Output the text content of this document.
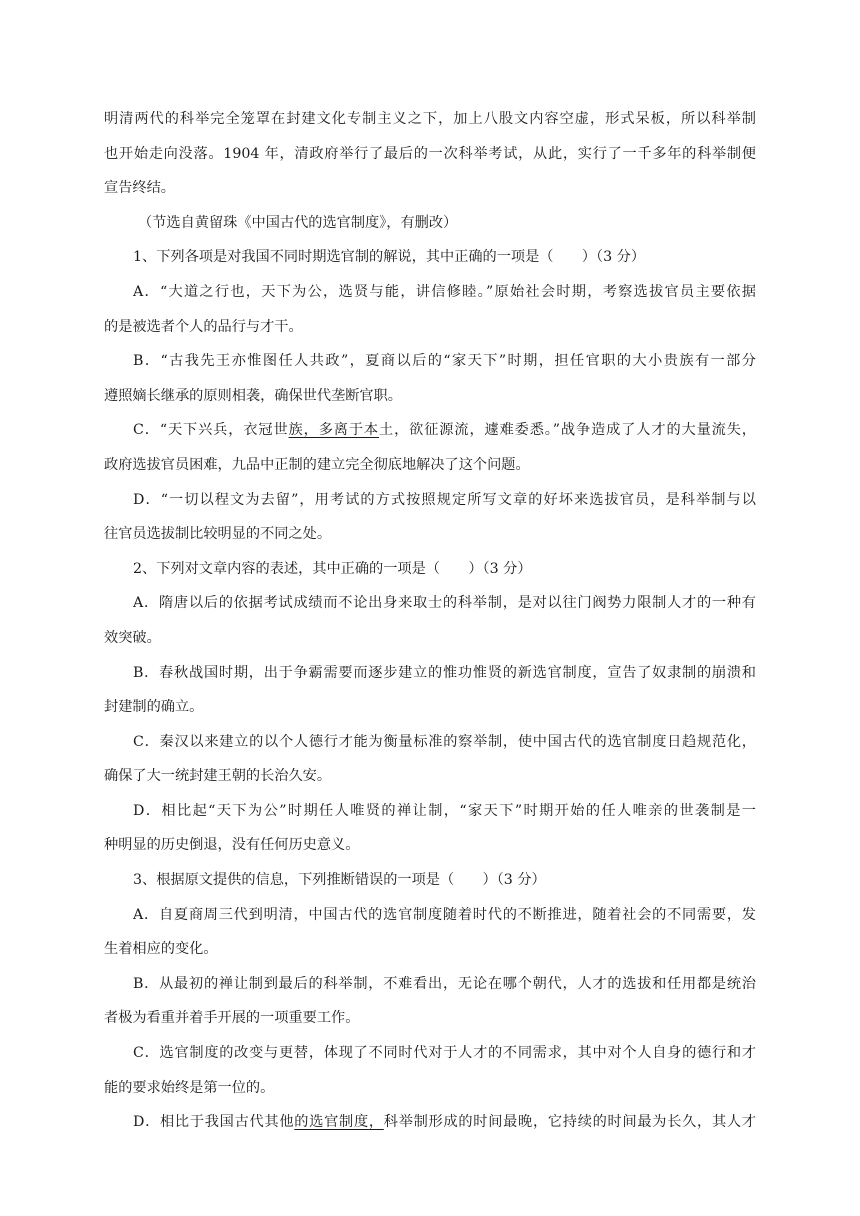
明清两代的科举完全笼罩在封建文化专制主义之下，加上八股文内容空虚，形式呆板，所以科举制
也开始走向没落。1904 年，清政府举行了最后的一次科举考试，从此，实行了一千多年的科举制便
宣告终结。
（节选自黄留珠《中国古代的选官制度》，有删改）
1、下列各项是对我国不同时期选官制的解说，其中正确的一项是（　　）（3 分）
A．“大道之行也，天下为公，选贤与能，讲信修睦。”原始社会时期，考察选拔官员主要依据
的是被选者个人的品行与才干。
B．“古我先王亦惟图任人共政”，夏商以后的“家天下”时期，担任官职的大小贵族有一部分
遵照嫡长继承的原则相袭，确保世代垄断官职。
C．“天下兴兵，衣冠世族，多离于本土，欲征源流，遽难委悉。”战争造成了人才的大量流失，
政府选拔官员困难，九品中正制的建立完全彻底地解决了这个问题。
D．“一切以程文为去留”，用考试的方式按照规定所写文章的好坏来选拔官员，是科举制与以
往官员选拔制比较明显的不同之处。
2、下列对文章内容的表述，其中正确的一项是（　　）（3 分）
A．隋唐以后的依据考试成绩而不论出身来取士的科举制，是对以往门阀势力限制人才的一种有
效突破。
B．春秋战国时期，出于争霸需要而逐步建立的惟功惟贤的新选官制度，宣告了奴隶制的崩溃和
封建制的确立。
C．秦汉以来建立的以个人德行才能为衡量标准的察举制，使中国古代的选官制度日趋规范化，
确保了大一统封建王朝的长治久安。
D．相比起“天下为公”时期任人唯贤的禅让制，“家天下”时期开始的任人唯亲的世袭制是一
种明显的历史倒退，没有任何历史意义。
3、根据原文提供的信息，下列推断错误的一项是（　　）（3 分）
A．自夏商周三代到明清，中国古代的选官制度随着时代的不断推进，随着社会的不同需要，发
生着相应的变化。
B．从最初的禅让制到最后的科举制，不难看出，无论在哪个朝代，人才的选拔和任用都是统治
者极为看重并着手开展的一项重要工作。
C．选官制度的改变与更替，体现了不同时代对于人才的不同需求，其中对个人自身的德行和才
能的要求始终是第一位的。
D．相比于我国古代其他的选官制度，科举制形成的时间最晚，它持续的时间最为长久，其人才
